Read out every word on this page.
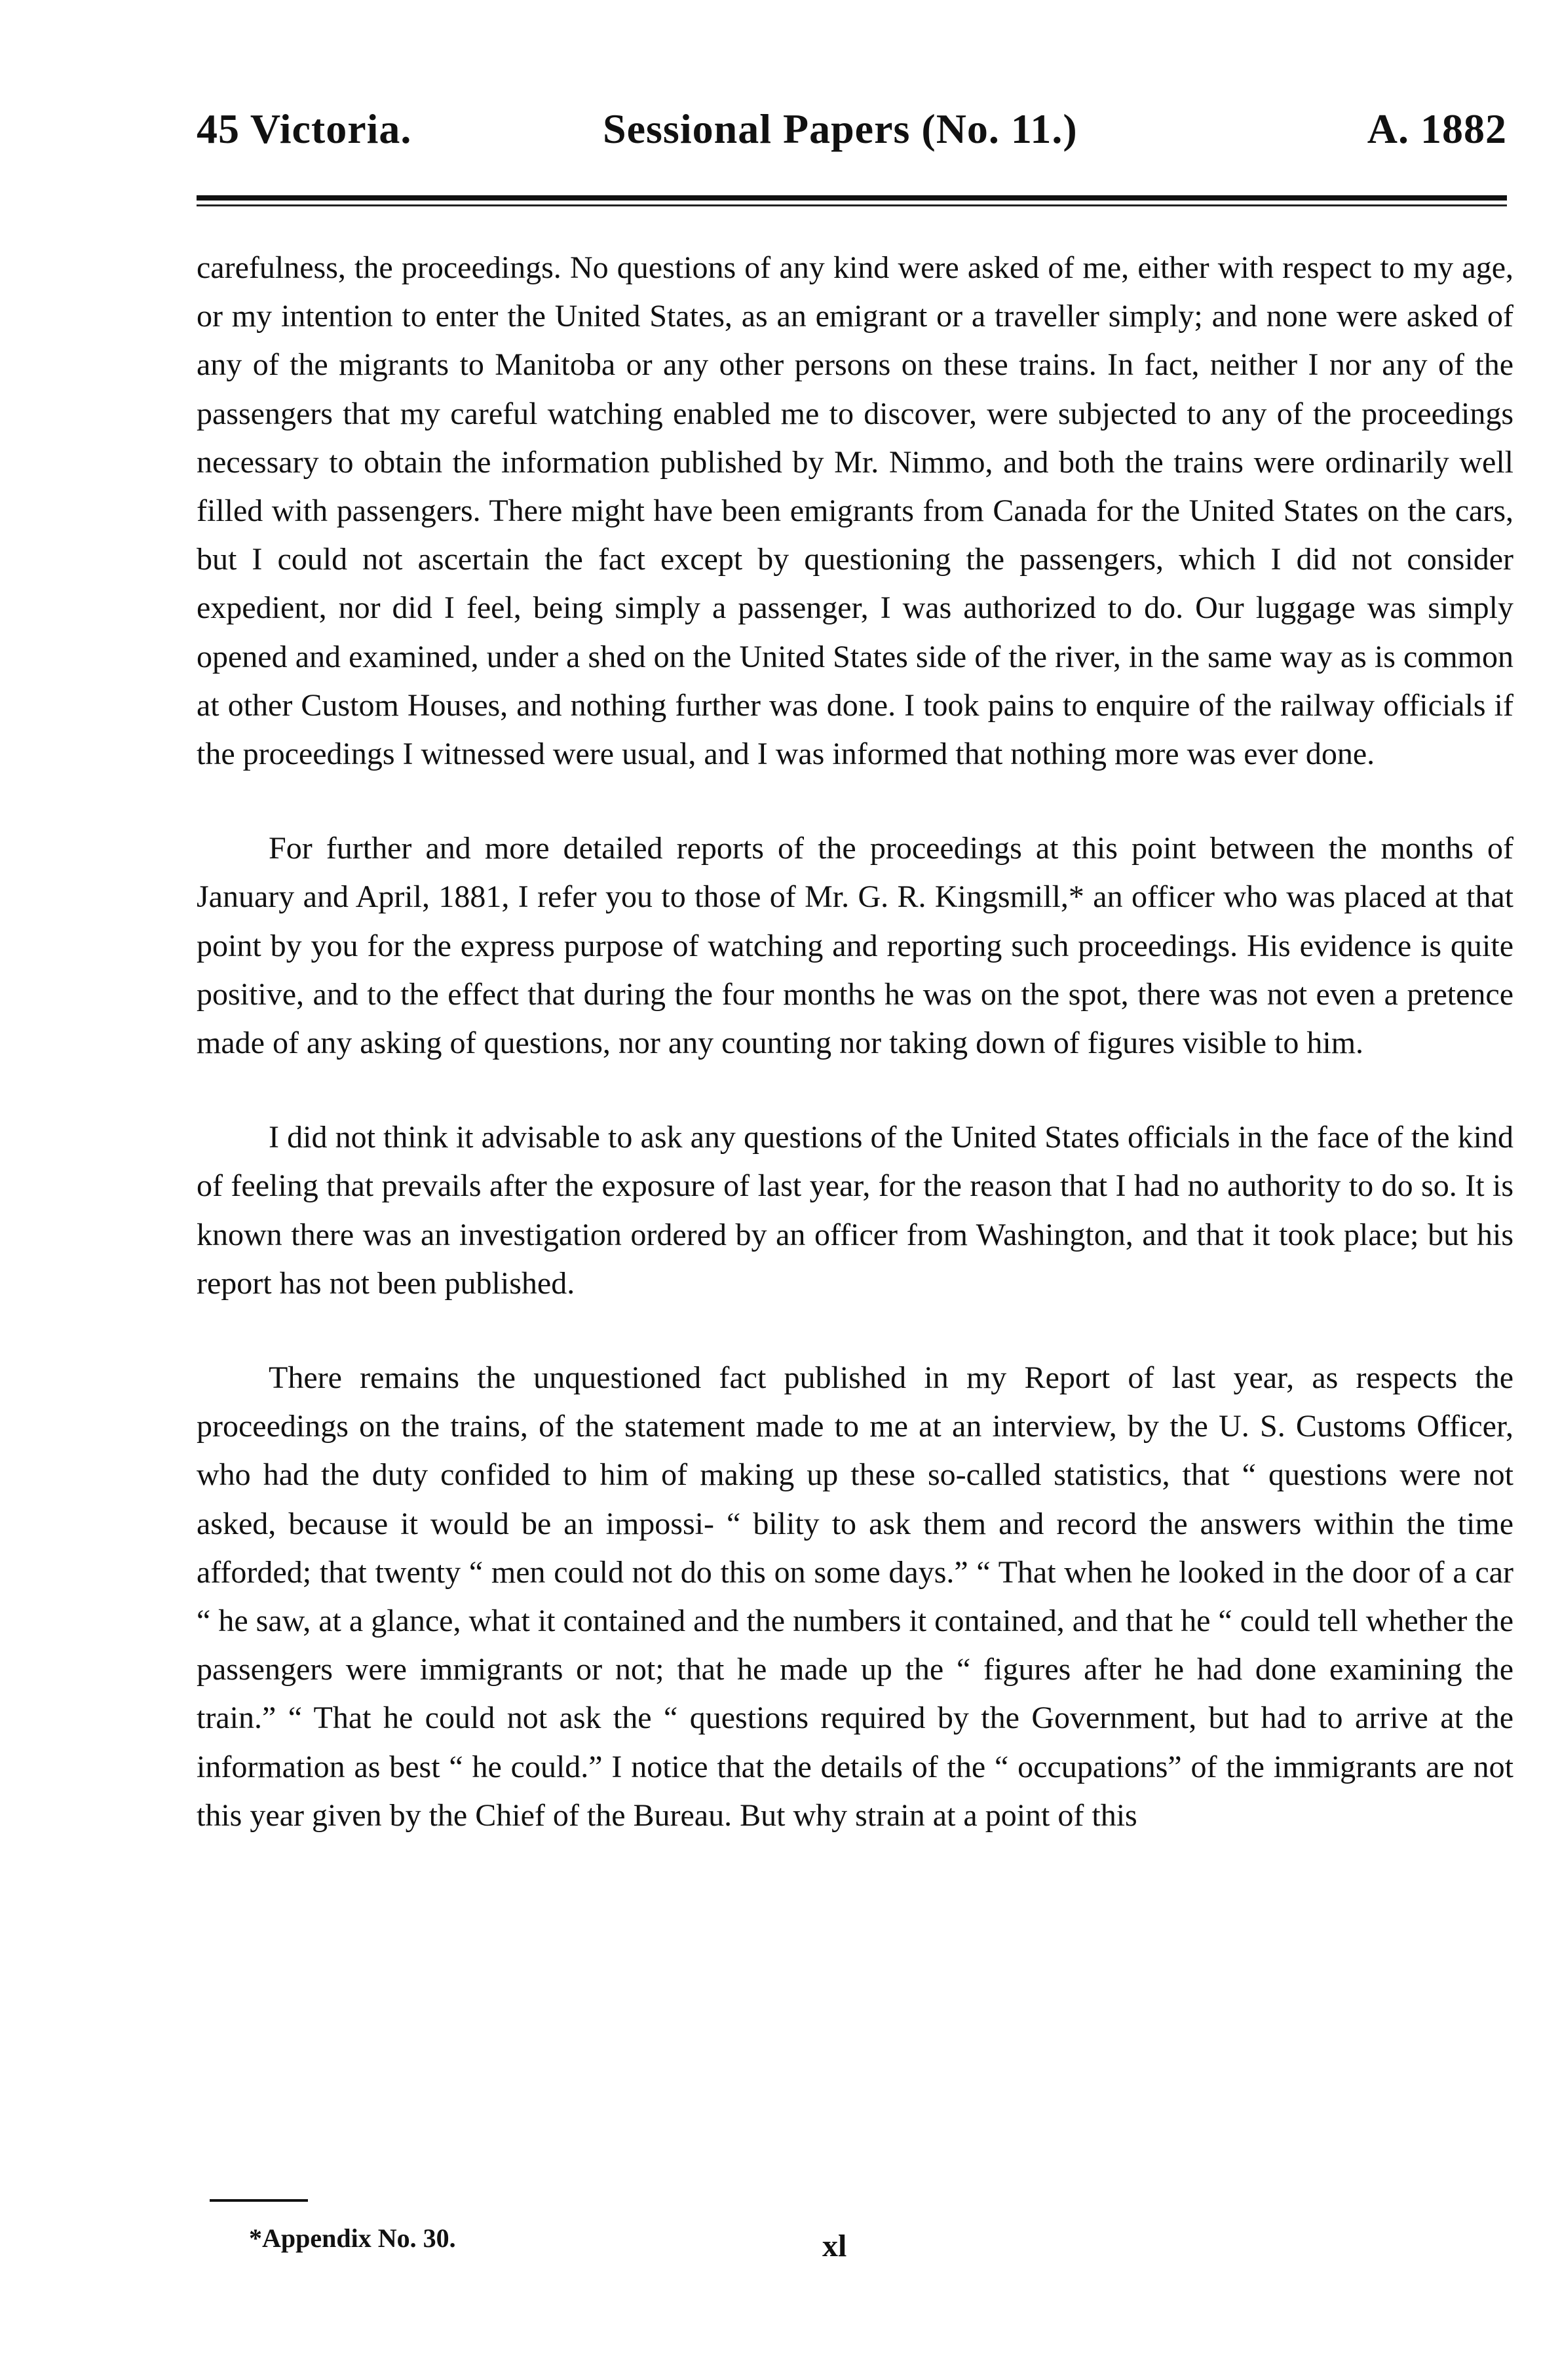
45 Victoria.	Sessional Papers (No. 11.)	A. 1882

carefulness, the proceedings. No questions of any kind were asked of me, either with respect to my age, or my intention to enter the United States, as an emigrant or a traveller simply; and none were asked of any of the migrants to Manitoba or any other persons on these trains. In fact, neither I nor any of the passengers that my careful watching enabled me to discover, were subjected to any of the proceedings necessary to obtain the information published by Mr. Nimmo, and both the trains were ordinarily well filled with passengers. There might have been emigrants from Canada for the United States on the cars, but I could not ascertain the fact except by questioning the passengers, which I did not consider expedient, nor did I feel, being simply a passenger, I was authorized to do. Our luggage was simply opened and examined, under a shed on the United States side of the river, in the same way as is common at other Custom Houses, and nothing further was done. I took pains to enquire of the railway officials if the proceedings I witnessed were usual, and I was informed that nothing more was ever done.

For further and more detailed reports of the proceedings at this point between the months of January and April, 1881, I refer you to those of Mr. G. R. Kingsmill,* an officer who was placed at that point by you for the express purpose of watching and reporting such proceedings. His evidence is quite positive, and to the effect that during the four months he was on the spot, there was not even a pretence made of any asking of questions, nor any counting nor taking down of figures visible to him.

I did not think it advisable to ask any questions of the United States officials in the face of the kind of feeling that prevails after the exposure of last year, for the reason that I had no authority to do so. It is known there was an investigation ordered by an officer from Washington, and that it took place; but his report has not been published.

There remains the unquestioned fact published in my Report of last year, as respects the proceedings on the trains, of the statement made to me at an interview, by the U. S. Customs Officer, who had the duty confided to him of making up these so-called statistics, that “ questions were not asked, because it would be an impossi- “ bility to ask them and record the answers within the time afforded; that twenty “ men could not do this on some days.” “ That when he looked in the door of a car “ he saw, at a glance, what it contained and the numbers it contained, and that he “ could tell whether the passengers were immigrants or not; that he made up the “ figures after he had done examining the train.” “ That he could not ask the “ questions required by the Government, but had to arrive at the information as best “ he could.” I notice that the details of the “ occupations” of the immigrants are not this year given by the Chief of the Bureau. But why strain at a point of this

*Appendix No. 30.	xl
